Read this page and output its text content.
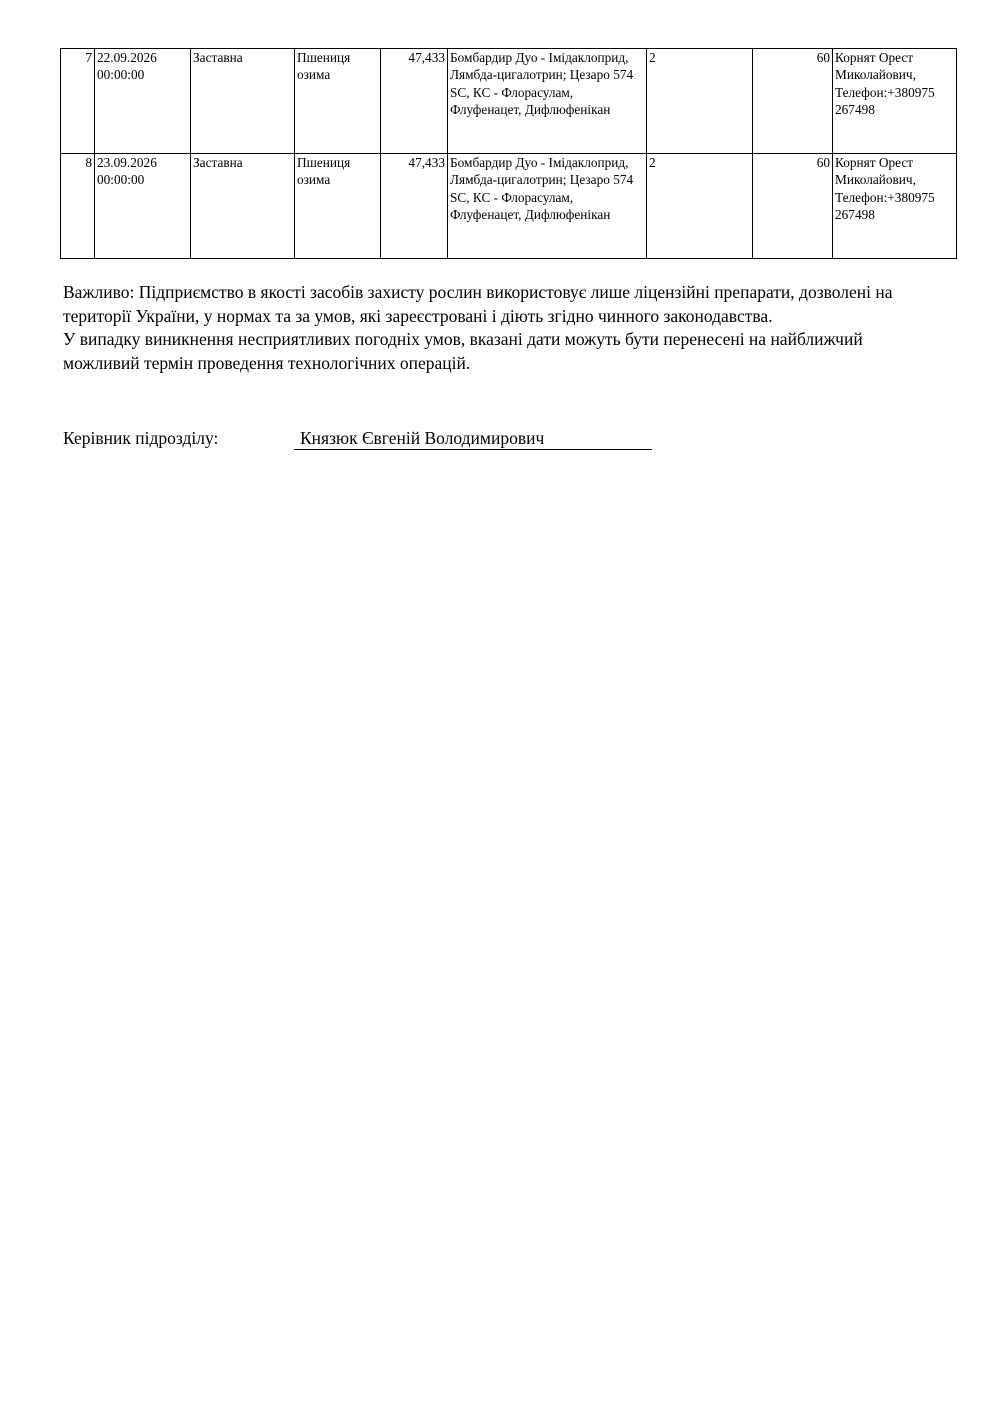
7	22.09.2026 00:00:00	Заставна	Пшениця озима	47,433	Бомбардир Дуо - Імідаклоприд, Лямбда-цигалотрин; Цезаро 574 SC, КС - Флорасулам, Флуфенацет, Дифлюфенікан	2	60	Корнят Орест Миколайович, Телефон:+380975 267498
8	23.09.2026 00:00:00	Заставна	Пшениця озима	47,433	Бомбардир Дуо - Імідаклоприд, Лямбда-цигалотрин; Цезаро 574 SC, КС - Флорасулам, Флуфенацет, Дифлюфенікан	2	60	Корнят Орест Миколайович, Телефон:+380975 267498

Важливо: Підприємство в якості засобів захисту рослин використовує лише ліцензійні препарати, дозволені на території України, у нормах та за умов, які зареєстровані і діють згідно чинного законодавства.

У випадку виникнення несприятливих погодніх умов, вказані дати можуть бути перенесені на найближчий можливий термін проведення технологічних операцій.

Керівник підрозділу:	Князюк Євгеній Володимирович
